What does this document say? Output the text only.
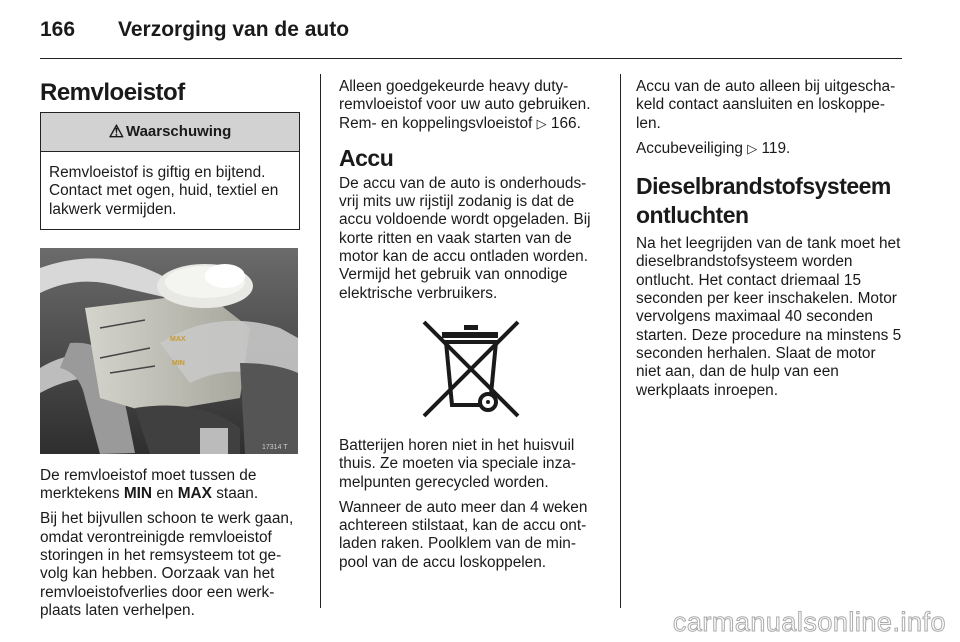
166 Verzorging van de auto
Remvloeistof
⚠ Waarschuwing
Remvloeistof is giftig en bijtend. Contact met ogen, huid, textiel en lakwerk vermijden.
MAX
MIN
17314 T

De remvloeistof moet tussen de merktekens MIN en MAX staan.

Bij het bijvullen schoon te werk gaan, omdat verontreinigde remvloeistof storingen in het remsysteem tot ge-volg kan hebben. Oorzaak van het remvloeistofverlies door een werk-plaats laten verhelpen.

Alleen goedgekeurde heavy duty-remvloeistof voor uw auto gebruiken. Rem- en koppelingsvloeistof ▷ 166.

Accu

De accu van de auto is onderhouds-vrij mits uw rijstijl zodanig is dat de accu voldoende wordt opgeladen. Bij korte ritten en vaak starten van de motor kan de accu ontladen worden. Vermijd het gebruik van onnodige elektrische verbruikers.

Batterijen horen niet in het huisvuil thuis. Ze moeten via speciale inza-melpunten gerecycled worden.

Wanneer de auto meer dan 4 weken achtereen stilstaat, kan de accu ont-laden raken. Poolklem van de min-pool van de accu loskoppelen.

Accu van de auto alleen bij uitgescha-keld contact aansluiten en loskoppe-len.

Accubeveiliging ▷ 119.

Dieselbrandstofsysteem ontluchten

Na het leegrijden van de tank moet het dieselbrandstofsysteem worden ontlucht. Het contact driemaal 15 seconden per keer inschakelen. Motor vervolgens maximaal 40 seconden starten. Deze procedure na minstens 5 seconden herhalen. Slaat de motor niet aan, dan de hulp van een werkplaats inroepen.

carmanualsonline.info
